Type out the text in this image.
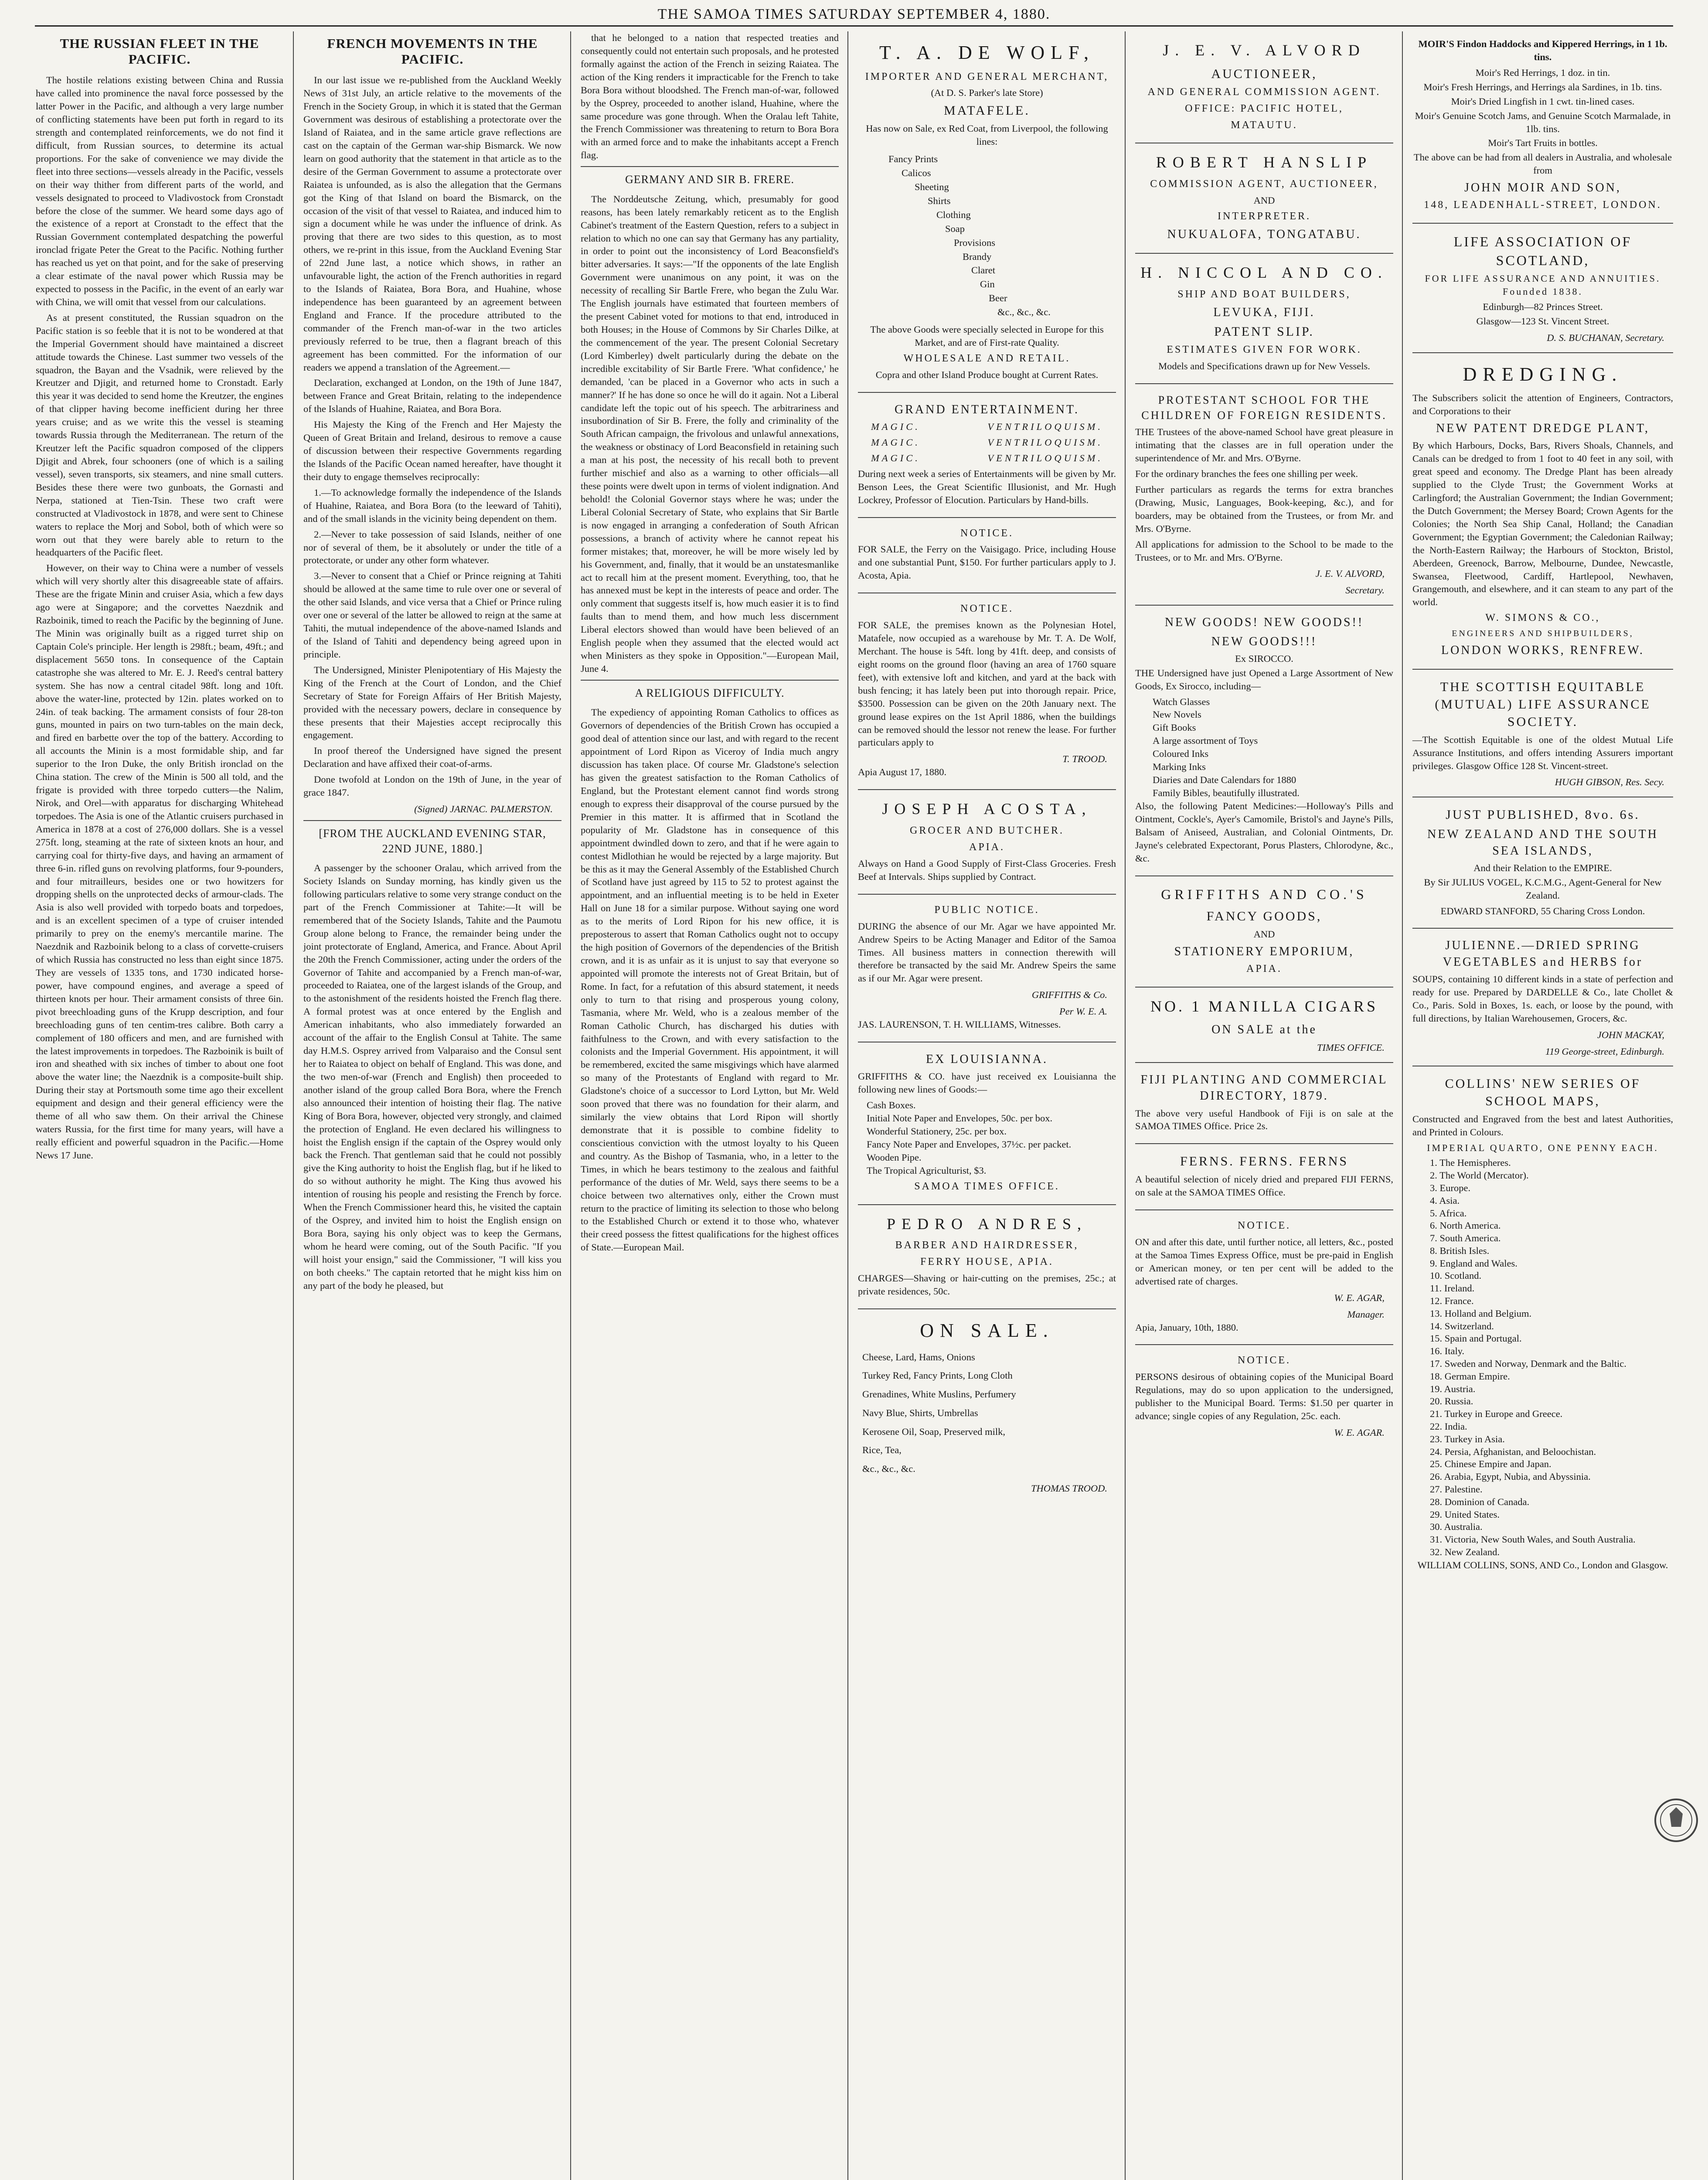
THE SAMOA TIMES SATURDAY SEPTEMBER 4, 1880.
THE RUSSIAN FLEET IN THE PACIFIC.

The hostile relations existing between China and Russia have called into prominence the naval force possessed by the latter Power in the Pacific, and although a very large number of conflicting statements have been put forth in regard to its strength and contemplated reinforcements, we do not find it difficult, from Russian sources, to determine its actual proportions. For the sake of convenience we may divide the fleet into three sections—vessels already in the Pacific, vessels on their way thither from different parts of the world, and vessels designated to proceed to Vladivostock from Cronstadt before the close of the summer. We heard some days ago of the existence of a report at Cronstadt to the effect that the Russian Government contemplated despatching the powerful ironclad frigate Peter the Great to the Pacific. Nothing further has reached us yet on that point, and for the sake of preserving a clear estimate of the naval power which Russia may be expected to possess in the Pacific, in the event of an early war with China, we will omit that vessel from our calculations.

As at present constituted, the Russian squadron on the Pacific station is so feeble that it is not to be wondered at that the Imperial Government should have maintained a discreet attitude towards the Chinese. Last summer two vessels of the squadron, the Bayan and the Vsadnik, were relieved by the Kreutzer and Djigit, and returned home to Cronstadt. Early this year it was decided to send home the Kreutzer, the engines of that clipper having become inefficient during her three years cruise; and as we write this the vessel is steaming towards Russia through the Mediterranean. The return of the Kreutzer left the Pacific squadron composed of the clippers Djigit and Abrek, four schooners (one of which is a sailing vessel), seven transports, six steamers, and nine small cutters. Besides these there were two gunboats, the Gornasti and Nerpa, stationed at Tien-Tsin. These two craft were constructed at Vladivostock in 1878, and were sent to Chinese waters to replace the Morj and Sobol, both of which were so worn out that they were barely able to return to the headquarters of the Pacific fleet.

However, on their way to China were a number of vessels which will very shortly alter this disagreeable state of affairs. These are the frigate Minin and cruiser Asia, which a few days ago were at Singapore; and the corvettes Naezdnik and Razboinik, timed to reach the Pacific by the beginning of June. The Minin was originally built as a rigged turret ship on Captain Cole's principle. Her length is 298ft.; beam, 49ft.; and displacement 5650 tons. In consequence of the Captain catastrophe she was altered to Mr. E. J. Reed's central battery system. She has now a central citadel 98ft. long and 10ft. above the water-line, protected by 12in. plates worked on to 24in. of teak backing. The armament consists of four 28-ton guns, mounted in pairs on two turn-tables on the main deck, and fired en barbette over the top of the battery. According to all accounts the Minin is a most formidable ship, and far superior to the Iron Duke, the only British ironclad on the China station. The crew of the Minin is 500 all told, and the frigate is provided with three torpedo cutters—the Nalim, Nirok, and Orel—with apparatus for discharging Whitehead torpedoes. The Asia is one of the Atlantic cruisers purchased in America in 1878 at a cost of 276,000 dollars. She is a vessel 275ft. long, steaming at the rate of sixteen knots an hour, and carrying coal for thirty-five days, and having an armament of three 6-in. rifled guns on revolving platforms, four 9-pounders, and four mitrailleurs, besides one or two howitzers for dropping shells on the unprotected decks of armour-clads. The Asia is also well provided with torpedo boats and torpedoes, and is an excellent specimen of a type of cruiser intended primarily to prey on the enemy's mercantile marine. The Naezdnik and Razboinik belong to a class of corvette-cruisers of which Russia has constructed no less than eight since 1875. They are vessels of 1335 tons, and 1730 indicated horse-power, have compound engines, and average a speed of thirteen knots per hour. Their armament consists of three 6in. pivot breechloading guns of the Krupp description, and four breechloading guns of ten centim-tres calibre. Both carry a complement of 180 officers and men, and are furnished with the latest improvements in torpedoes. The Razboinik is built of iron and sheathed with six inches of timber to about one foot above the water line; the Naezdnik is a composite-built ship. During their stay at Portsmouth some time ago their excellent equipment and design and their general efficiency were the theme of all who saw them. On their arrival the Chinese waters Russia, for the first time for many years, will have a really efficient and powerful squadron in the Pacific.—Home News 17 June.

FRENCH MOVEMENTS IN THE PACIFIC.

In our last issue we re-published from the Auckland Weekly News of 31st July, an article relative to the movements of the French in the Society Group, in which it is stated that the German Government was desirous of establishing a protectorate over the Island of Raiatea, and in the same article grave reflections are cast on the captain of the German war-ship Bismarck. We now learn on good authority that the statement in that article as to the desire of the German Government to assume a protectorate over Raiatea is unfounded, as is also the allegation that the Germans got the King of that Island on board the Bismarck, on the occasion of the visit of that vessel to Raiatea, and induced him to sign a document while he was under the influence of drink. As proving that there are two sides to this question, as to most others, we re-print in this issue, from the Auckland Evening Star of 22nd June last, a notice which shows, in rather an unfavourable light, the action of the French authorities in regard to the Islands of Raiatea, Bora Bora, and Huahine, whose independence has been guaranteed by an agreement between England and France. If the procedure attributed to the commander of the French man-of-war in the two articles previously referred to be true, then a flagrant breach of this agreement has been committed. For the information of our readers we append a translation of the Agreement.—

Declaration, exchanged at London, on the 19th of June 1847, between France and Great Britain, relating to the independence of the Islands of Huahine, Raiatea, and Bora Bora.

His Majesty the King of the French and Her Majesty the Queen of Great Britain and Ireland, desirous to remove a cause of discussion between their respective Governments regarding the Islands of the Pacific Ocean named hereafter, have thought it their duty to engage themselves reciprocally:

1.—To acknowledge formally the independence of the Islands of Huahine, Raiatea, and Bora Bora (to the leeward of Tahiti), and of the small islands in the vicinity being dependent on them.

2.—Never to take possession of said Islands, neither of one nor of several of them, be it absolutely or under the title of a protectorate, or under any other form whatever.

3.—Never to consent that a Chief or Prince reigning at Tahiti should be allowed at the same time to rule over one or several of the other said Islands, and vice versa that a Chief or Prince ruling over one or several of the latter be allowed to reign at the same at Tahiti, the mutual independence of the above-named Islands and of the Island of Tahiti and dependency being agreed upon in principle.

The Undersigned, Minister Plenipotentiary of His Majesty the King of the French at the Court of London, and the Chief Secretary of State for Foreign Affairs of Her British Majesty, provided with the necessary powers, declare in consequence by these presents that their Majesties accept reciprocally this engagement.

In proof thereof the Undersigned have signed the present Declaration and have affixed their coat-of-arms.

Done twofold at London on the 19th of June, in the year of grace 1847.

(Signed) JARNAC. PALMERSTON.
[FROM THE AUCKLAND EVENING STAR, 22ND JUNE, 1880.]

A passenger by the schooner Oralau, which arrived from the Society Islands on Sunday morning, has kindly given us the following particulars relative to some very strange conduct on the part of the French Commissioner at Tahite:—It will be remembered that of the Society Islands, Tahite and the Paumotu Group alone belong to France, the remainder being under the joint protectorate of England, America, and France. About April the 20th the French Commissioner, acting under the orders of the Governor of Tahite and accompanied by a French man-of-war, proceeded to Raiatea, one of the largest islands of the Group, and to the astonishment of the residents hoisted the French flag there. A formal protest was at once entered by the English and American inhabitants, who also immediately forwarded an account of the affair to the English Consul at Tahite. The same day H.M.S. Osprey arrived from Valparaiso and the Consul sent her to Raiatea to object on behalf of England. This was done, and the two men-of-war (French and English) then proceeded to another island of the group called Bora Bora, where the French also announced their intention of hoisting their flag. The native King of Bora Bora, however, objected very strongly, and claimed the protection of England. He even declared his willingness to hoist the English ensign if the captain of the Osprey would only back the French. That gentleman said that he could not possibly give the King authority to hoist the English flag, but if he liked to do so without authority he might. The King thus avowed his intention of rousing his people and resisting the French by force. When the French Commissioner heard this, he visited the captain of the Osprey, and invited him to hoist the English ensign on Bora Bora, saying his only object was to keep the Germans, whom he heard were coming, out of the South Pacific. "If you will hoist your ensign," said the Commissioner, "I will kiss you on both cheeks." The captain retorted that he might kiss him on any part of the body he pleased, but

that he belonged to a nation that respected treaties and consequently could not entertain such proposals, and he protested formally against the action of the French in seizing Raiatea. The action of the King renders it impracticable for the French to take Bora Bora without bloodshed. The French man-of-war, followed by the Osprey, proceeded to another island, Huahine, where the same procedure was gone through. When the Oralau left Tahite, the French Commissioner was threatening to return to Bora Bora with an armed force and to make the inhabitants accept a French flag.

GERMANY AND SIR B. FRERE.

The Norddeutsche Zeitung, which, presumably for good reasons, has been lately remarkably reticent as to the English Cabinet's treatment of the Eastern Question, refers to a subject in relation to which no one can say that Germany has any partiality, in order to point out the inconsistency of Lord Beaconsfield's bitter adversaries. It says:—"If the opponents of the late English Government were unanimous on any point, it was on the necessity of recalling Sir Bartle Frere, who began the Zulu War. The English journals have estimated that fourteen members of the present Cabinet voted for motions to that end, introduced in both Houses; in the House of Commons by Sir Charles Dilke, at the commencement of the year. The present Colonial Secretary (Lord Kimberley) dwelt particularly during the debate on the incredible excitability of Sir Bartle Frere. 'What confidence,' he demanded, 'can be placed in a Governor who acts in such a manner?' If he has done so once he will do it again. Not a Liberal candidate left the topic out of his speech. The arbitrariness and insubordination of Sir B. Frere, the folly and criminality of the South African campaign, the frivolous and unlawful annexations, the weakness or obstinacy of Lord Beaconsfield in retaining such a man at his post, the necessity of his recall both to prevent further mischief and also as a warning to other officials—all these points were dwelt upon in terms of violent indignation. And behold! the Colonial Governor stays where he was; under the Liberal Colonial Secretary of State, who explains that Sir Bartle is now engaged in arranging a confederation of South African possessions, a branch of activity where he cannot repeat his former mistakes; that, moreover, he will be more wisely led by his Government, and, finally, that it would be an unstatesmanlike act to recall him at the present moment. Everything, too, that he has annexed must be kept in the interests of peace and order. The only comment that suggests itself is, how much easier it is to find faults than to mend them, and how much less discernment Liberal electors showed than would have been believed of an English people when they assumed that the elected would act when Ministers as they spoke in Opposition."—European Mail, June 4.

A RELIGIOUS DIFFICULTY.

The expediency of appointing Roman Catholics to offices as Governors of dependencies of the British Crown has occupied a good deal of attention since our last, and with regard to the recent appointment of Lord Ripon as Viceroy of India much angry discussion has taken place. Of course Mr. Gladstone's selection has given the greatest satisfaction to the Roman Catholics of England, but the Protestant element cannot find words strong enough to express their disapproval of the course pursued by the Premier in this matter. It is affirmed that in Scotland the popularity of Mr. Gladstone has in consequence of this appointment dwindled down to zero, and that if he were again to contest Midlothian he would be rejected by a large majority. But be this as it may the General Assembly of the Established Church of Scotland have just agreed by 115 to 52 to protest against the appointment, and an influential meeting is to be held in Exeter Hall on June 18 for a similar purpose. Without saying one word as to the merits of Lord Ripon for his new office, it is preposterous to assert that Roman Catholics ought not to occupy the high position of Governors of the dependencies of the British crown, and it is as unfair as it is unjust to say that everyone so appointed will promote the interests not of Great Britain, but of Rome. In fact, for a refutation of this absurd statement, it needs only to turn to that rising and prosperous young colony, Tasmania, where Mr. Weld, who is a zealous member of the Roman Catholic Church, has discharged his duties with faithfulness to the Crown, and with every satisfaction to the colonists and the Imperial Government. His appointment, it will be remembered, excited the same misgivings which have alarmed so many of the Protestants of England with regard to Mr. Gladstone's choice of a successor to Lord Lytton, but Mr. Weld soon proved that there was no foundation for their alarm, and similarly the view obtains that Lord Ripon will shortly demonstrate that it is possible to combine fidelity to conscientious conviction with the utmost loyalty to his Queen and country. As the Bishop of Tasmania, who, in a letter to the Times, in which he bears testimony to the zealous and faithful performance of the duties of Mr. Weld, says there seems to be a choice between two alternatives only, either the Crown must return to the practice of limiting its selection to those who belong to the Established Church or extend it to those who, whatever their creed possess the fittest qualifications for the highest offices of State.—European Mail.

T. A. DE WOLF,
IMPORTER AND GENERAL MERCHANT,
(At D. S. Parker's late Store)
MATAFELE.

Has now on Sale, ex Red Coat, from Liverpool, the following lines:

Fancy Prints
Calicos
Sheeting
Shirts
Clothing
Soap
Provisions
Brandy
Claret
Gin
Beer
&c., &c., &c.

The above Goods were specially selected in Europe for this Market, and are of First-rate Quality.

WHOLESALE AND RETAIL.

Copra and other Island Produce bought at Current Rates.

GRAND ENTERTAINMENT.
MAGIC.	VENTRILOQUISM.
MAGIC.	VENTRILOQUISM.
MAGIC.	VENTRILOQUISM.

During next week a series of Entertainments will be given by Mr. Benson Lees, the Great Scientific Illusionist, and Mr. Hugh Lockrey, Professor of Elocution. Particulars by Hand-bills.

NOTICE.

FOR SALE, the Ferry on the Vaisigago. Price, including House and one substantial Punt, $150. For further particulars apply to J. Acosta, Apia.

NOTICE.

FOR SALE, the premises known as the Polynesian Hotel, Matafele, now occupied as a warehouse by Mr. T. A. De Wolf, Merchant. The house is 54ft. long by 41ft. deep, and consists of eight rooms on the ground floor (having an area of 1760 square feet), with extensive loft and kitchen, and yard at the back with bush fencing; it has lately been put into thorough repair. Price, $3500. Possession can be given on the 20th January next. The ground lease expires on the 1st April 1886, when the buildings can be removed should the lessor not renew the lease. For further particulars apply to

T. TROOD.

Apia August 17, 1880.

JOSEPH ACOSTA,
GROCER AND BUTCHER.
APIA.

Always on Hand a Good Supply of First-Class Groceries. Fresh Beef at Intervals. Ships supplied by Contract.

PUBLIC NOTICE.

DURING the absence of our Mr. Agar we have appointed Mr. Andrew Speirs to be Acting Manager and Editor of the Samoa Times. All business matters in connection therewith will therefore be transacted by the said Mr. Andrew Speirs the same as if our Mr. Agar were present.

GRIFFITHS & Co.
Per W. E. A.

JAS. LAURENSON, T. H. WILLIAMS, Witnesses.

EX LOUISIANNA.

GRIFFITHS & CO. have just received ex Louisianna the following new lines of Goods:—

Cash Boxes.
Initial Note Paper and Envelopes, 50c. per box.
Wonderful Stationery, 25c. per box.
Fancy Note Paper and Envelopes, 37½c. per packet.
Wooden Pipe.
The Tropical Agriculturist, $3.
SAMOA TIMES OFFICE.
PEDRO ANDRES,
BARBER AND HAIRDRESSER,
FERRY HOUSE, APIA.

CHARGES—Shaving or hair-cutting on the premises, 25c.; at private residences, 50c.

ON SALE.
Cheese, Lard, Hams, Onions
Turkey Red, Fancy Prints, Long Cloth
Grenadines, White Muslins, Perfumery
Navy Blue, Shirts, Umbrellas
Kerosene Oil, Soap, Preserved milk,
Rice, Tea,
&c., &c., &c.
THOMAS TROOD.
J. E. V. ALVORD
AUCTIONEER,
AND GENERAL COMMISSION AGENT.
OFFICE: PACIFIC HOTEL,
MATAUTU.
ROBERT HANSLIP
COMMISSION AGENT, AUCTIONEER,
AND
INTERPRETER.
NUKUALOFA, TONGATABU.
H. NICCOL AND CO.
SHIP AND BOAT BUILDERS,
LEVUKA, FIJI.
PATENT SLIP.
ESTIMATES GIVEN FOR WORK.

Models and Specifications drawn up for New Vessels.

PROTESTANT SCHOOL FOR THE CHILDREN OF FOREIGN RESIDENTS.

THE Trustees of the above-named School have great pleasure in intimating that the classes are in full operation under the superintendence of Mr. and Mrs. O'Byrne.

For the ordinary branches the fees one shilling per week.

Further particulars as regards the terms for extra branches (Drawing, Music, Languages, Book-keeping, &c.), and for boarders, may be obtained from the Trustees, or from Mr. and Mrs. O'Byrne.

All applications for admission to the School to be made to the Trustees, or to Mr. and Mrs. O'Byrne.

J. E. V. ALVORD,
Secretary.
NEW GOODS! NEW GOODS!!
NEW GOODS!!!
Ex SIROCCO.

THE Undersigned have just Opened a Large Assortment of New Goods, Ex Sirocco, including—

Watch Glasses
New Novels
Gift Books
A large assortment of Toys
Coloured Inks
Marking Inks
Diaries and Date Calendars for 1880
Family Bibles, beautifully illustrated.

Also, the following Patent Medicines:—Holloway's Pills and Ointment, Cockle's, Ayer's Camomile, Bristol's and Jayne's Pills, Balsam of Aniseed, Australian, and Colonial Ointments, Dr. Jayne's celebrated Expectorant, Porus Plasters, Chlorodyne, &c., &c.

GRIFFITHS AND CO.'S
FANCY GOODS,
AND
STATIONERY EMPORIUM,
APIA.
NO. 1 MANILLA CIGARS
ON SALE at the
TIMES OFFICE.
FIJI PLANTING AND COMMERCIAL DIRECTORY, 1879.

The above very useful Handbook of Fiji is on sale at the SAMOA TIMES Office. Price 2s.

FERNS. FERNS. FERNS

A beautiful selection of nicely dried and prepared FIJI FERNS, on sale at the SAMOA TIMES Office.

NOTICE.

ON and after this date, until further notice, all letters, &c., posted at the Samoa Times Express Office, must be pre-paid in English or American money, or ten per cent will be added to the advertised rate of charges.

W. E. AGAR,
Manager.

Apia, January, 10th, 1880.

NOTICE.

PERSONS desirous of obtaining copies of the Municipal Board Regulations, may do so upon application to the undersigned, publisher to the Municipal Board. Terms: $1.50 per quarter in advance; single copies of any Regulation, 25c. each.

W. E. AGAR.

MOIR'S Findon Haddocks and Kippered Herrings, in 1 1b. tins.

Moir's Red Herrings, 1 doz. in tin.
Moir's Fresh Herrings, and Herrings ala Sardines, in 1b. tins.
Moir's Dried Lingfish in 1 cwt. tin-lined cases.
Moir's Genuine Scotch Jams, and Genuine Scotch Marmalade, in 1lb. tins.
Moir's Tart Fruits in bottles.

The above can be had from all dealers in Australia, and wholesale from

JOHN MOIR AND SON,
148, LEADENHALL-STREET, LONDON.
LIFE ASSOCIATION OF SCOTLAND,
FOR LIFE ASSURANCE AND ANNUITIES. Founded 1838.
Edinburgh—82 Princes Street.
Glasgow—123 St. Vincent Street.
D. S. BUCHANAN, Secretary.
DREDGING.

The Subscribers solicit the attention of Engineers, Contractors, and Corporations to their

NEW PATENT DREDGE PLANT,

By which Harbours, Docks, Bars, Rivers Shoals, Channels, and Canals can be dredged to from 1 foot to 40 feet in any soil, with great speed and economy. The Dredge Plant has been already supplied to the Clyde Trust; the Government Works at Carlingford; the Australian Government; the Indian Government; the Dutch Government; the Mersey Board; Crown Agents for the Colonies; the North Sea Ship Canal, Holland; the Canadian Government; the Egyptian Government; the Caledonian Railway; the North-Eastern Railway; the Harbours of Stockton, Bristol, Aberdeen, Greenock, Barrow, Melbourne, Dundee, Newcastle, Swansea, Fleetwood, Cardiff, Hartlepool, Newhaven, Grangemouth, and elsewhere, and it can steam to any part of the world.

W. SIMONS & CO.,
ENGINEERS AND SHIPBUILDERS,
LONDON WORKS, RENFREW.
THE SCOTTISH EQUITABLE (MUTUAL) LIFE ASSURANCE SOCIETY.

—The Scottish Equitable is one of the oldest Mutual Life Assurance Institutions, and offers intending Assurers important privileges. Glasgow Office 128 St. Vincent-street.

HUGH GIBSON, Res. Secy.
JUST PUBLISHED, 8vo. 6s.
NEW ZEALAND AND THE SOUTH SEA ISLANDS,
And their Relation to the EMPIRE.

By Sir JULIUS VOGEL, K.C.M.G., Agent-General for New Zealand.

EDWARD STANFORD, 55 Charing Cross London.

JULIENNE.—DRIED SPRING VEGETABLES and HERBS for

SOUPS, containing 10 different kinds in a state of perfection and ready for use. Prepared by DARDELLE & Co., late Chollet & Co., Paris. Sold in Boxes, 1s. each, or loose by the pound, with full directions, by Italian Warehousemen, Grocers, &c.

JOHN MACKAY,
119 George-street, Edinburgh.
COLLINS' NEW SERIES OF SCHOOL MAPS,

Constructed and Engraved from the best and latest Authorities, and Printed in Colours.

IMPERIAL QUARTO, ONE PENNY EACH.
1. The Hemispheres.
2. The World (Mercator).
3. Europe.
4. Asia.
5. Africa.
6. North America.
7. South America.
8. British Isles.
9. England and Wales.
10. Scotland.
11. Ireland.
12. France.
13. Holland and Belgium.
14. Switzerland.
15. Spain and Portugal.
16. Italy.
17. Sweden and Norway, Denmark and the Baltic.
18. German Empire.
19. Austria.
20. Russia.
21. Turkey in Europe and Greece.
22. India.
23. Turkey in Asia.
24. Persia, Afghanistan, and Beloochistan.
25. Chinese Empire and Japan.
26. Arabia, Egypt, Nubia, and Abyssinia.
27. Palestine.
28. Dominion of Canada.
29. United States.
30. Australia.
31. Victoria, New South Wales, and South Australia.
32. New Zealand.

WILLIAM COLLINS, SONS, AND Co., London and Glasgow.
